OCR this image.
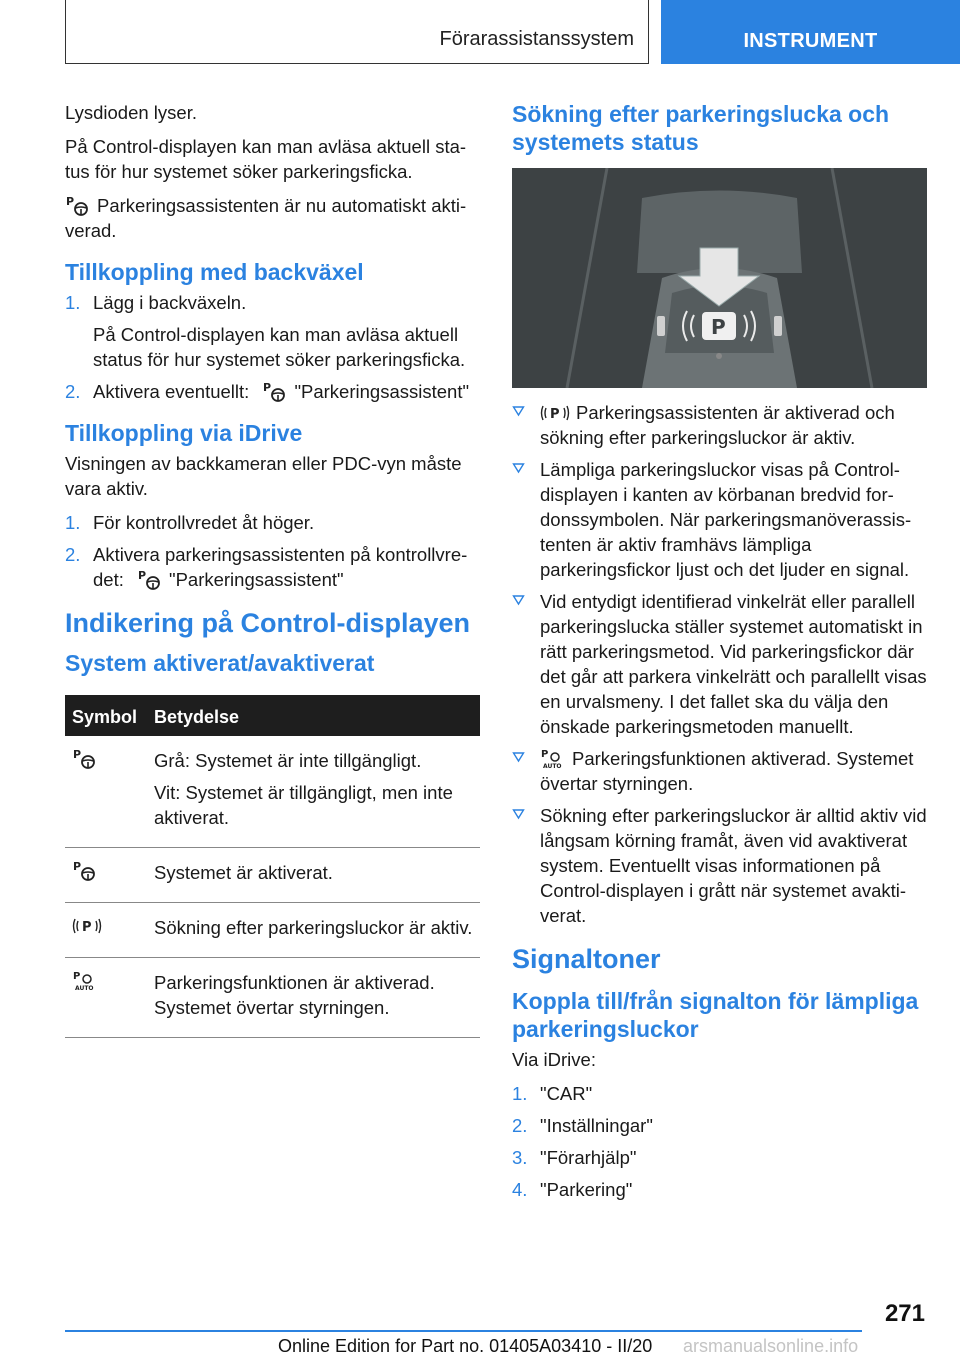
Förarassistanssystem	INSTRUMENT

Lysdioden lyser.

På Control-displayen kan man avläsa aktuell status för hur systemet söker parkeringsficka.

P Parkeringsassistenten är nu automatiskt aktiverad.

Tillkoppling med backväxel
1. Lägg i backväxeln.
På Control-displayen kan man avläsa aktuell status för hur systemet söker parkeringsficka.
2. Aktivera eventuellt: P "Parkeringsassistent"
Tillkoppling via iDrive

Visningen av backkameran eller PDC-vyn måste vara aktiv.

1. För kontrollvredet åt höger.
2. Aktivera parkeringsassistenten på kontrollvredet: P "Parkeringsassistent"
Indikering på Control-displayen
System aktiverat/avaktiverat
Symbol	Betydelse

P	Grå: Systemet är inte tillgängligt.

Vit: Systemet är tillgängligt, men inte aktiverat.

P	Systemet är aktiverat.

P	Sökning efter parkeringsluckor är aktiv.

P
AUTO	Parkeringsfunktionen är aktiverad. Systemet övertar styrningen.

Sökning efter parkeringslucka och systemets status
P
P Parkeringsassistenten är aktiverad och sökning efter parkeringsluckor är aktiv.
Lämpliga parkeringsluckor visas på Control-displayen i kanten av körbanan bredvid fordonssymbolen. När parkeringsmanöverassistenten är aktiv framhävs lämpliga parkeringsfickor ljust och det ljuder en signal.
Vid entydigt identifierad vinkelrät eller parallell parkeringslucka ställer systemet automatiskt in rätt parkeringsmetod. Vid parkeringsfickor där det går att parkera vinkelrätt och parallellt visas en urvalsmeny. I det fallet ska du välja den önskade parkeringsmetoden manuellt.
P
AUTO Parkeringsfunktionen aktiverad. Systemet övertar styrningen.
Sökning efter parkeringsluckor är alltid aktiv vid långsam körning framåt, även vid avaktiverat system. Eventuellt visas informationen på Control-displayen i grått när systemet avaktiverat.
Signaltoner
Koppla till/från signalton för lämpliga parkeringsluckor

Via iDrive:

1. "CAR"
2. "Inställningar"
3. "Förarhjälp"
4. "Parkering"
271
Online Edition for Part no. 01405A03410 - II/20 arsmanualsonline.info
